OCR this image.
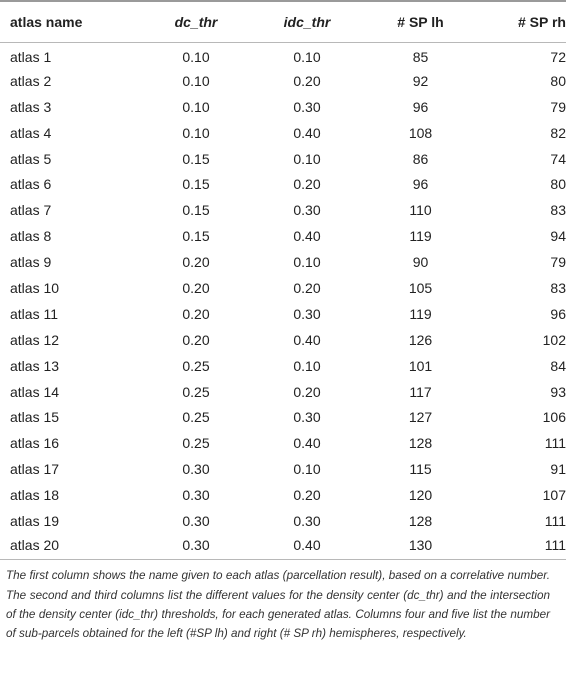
atlas name	dc_thr	idc_thr	# SP lh	# SP rh
atlas 1	0.10	0.10	85	72
atlas 2	0.10	0.20	92	80
atlas 3	0.10	0.30	96	79
atlas 4	0.10	0.40	108	82
atlas 5	0.15	0.10	86	74
atlas 6	0.15	0.20	96	80
atlas 7	0.15	0.30	110	83
atlas 8	0.15	0.40	119	94
atlas 9	0.20	0.10	90	79
atlas 10	0.20	0.20	105	83
atlas 11	0.20	0.30	119	96
atlas 12	0.20	0.40	126	102
atlas 13	0.25	0.10	101	84
atlas 14	0.25	0.20	117	93
atlas 15	0.25	0.30	127	106
atlas 16	0.25	0.40	128	111
atlas 17	0.30	0.10	115	91
atlas 18	0.30	0.20	120	107
atlas 19	0.30	0.30	128	111
atlas 20	0.30	0.40	130	111

The first column shows the name given to each atlas (parcellation result), based on a correlative number. The second and third columns list the different values for the density center (dc_thr) and the intersection of the density center (idc_thr) thresholds, for each generated atlas. Columns four and five list the number of sub-parcels obtained for the left (#SP lh) and right (# SP rh) hemispheres, respectively.
